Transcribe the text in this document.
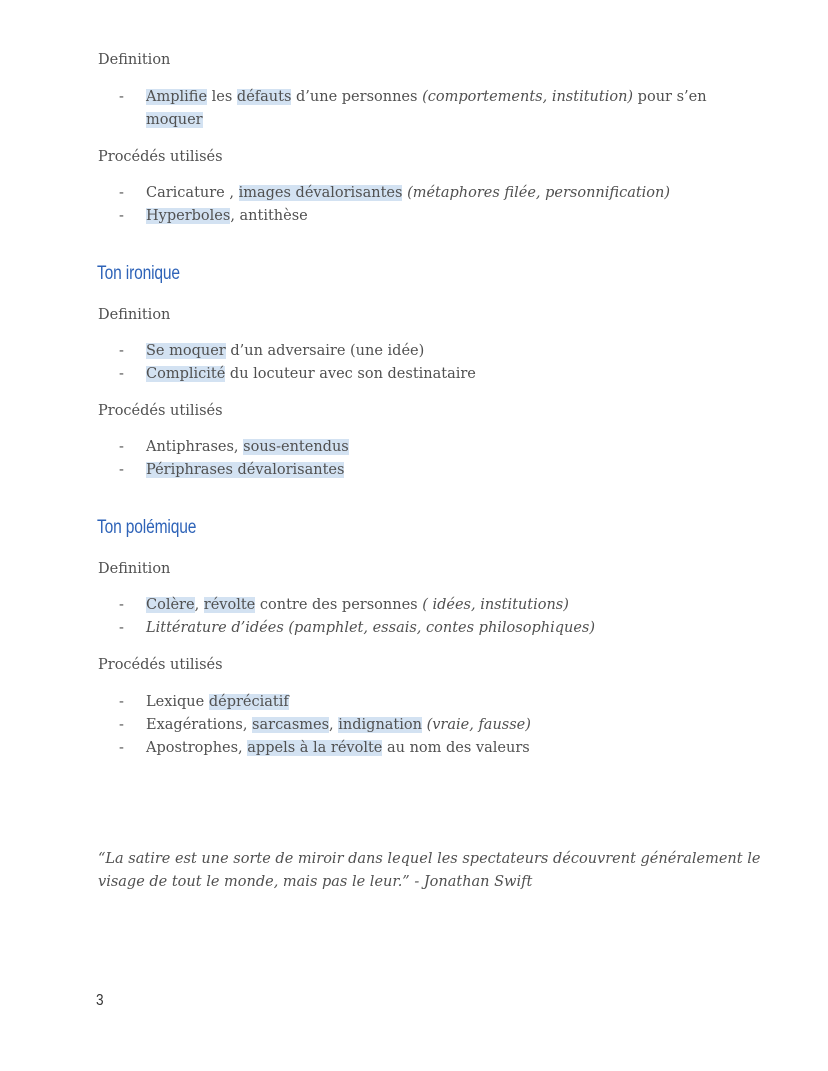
Definition
- Amplifie les défauts d’une personnes (comportements, institution) pour s’en
moquer
Procédés utilisés
- Caricature , images dévalorisantes (métaphores filée, personnification)
- Hyperboles, antithèse
Ton ironique
Definition
- Se moquer d’un adversaire (une idée)
- Complicité du locuteur avec son destinataire
Procédés utilisés
- Antiphrases, sous-entendus
- Périphrases dévalorisantes
Ton polémique
Definition
- Colère, révolte contre des personnes ( idées, institutions)
- Littérature d’idées (pamphlet, essais, contes philosophiques)
Procédés utilisés
- Lexique dépréciatif
- Exagérations, sarcasmes, indignation (vraie, fausse)
- Apostrophes, appels à la révolte au nom des valeurs
“La satire est une sorte de miroir dans lequel les spectateurs découvrent généralement le
visage de tout le monde, mais pas le leur.” - Jonathan Swift
3
